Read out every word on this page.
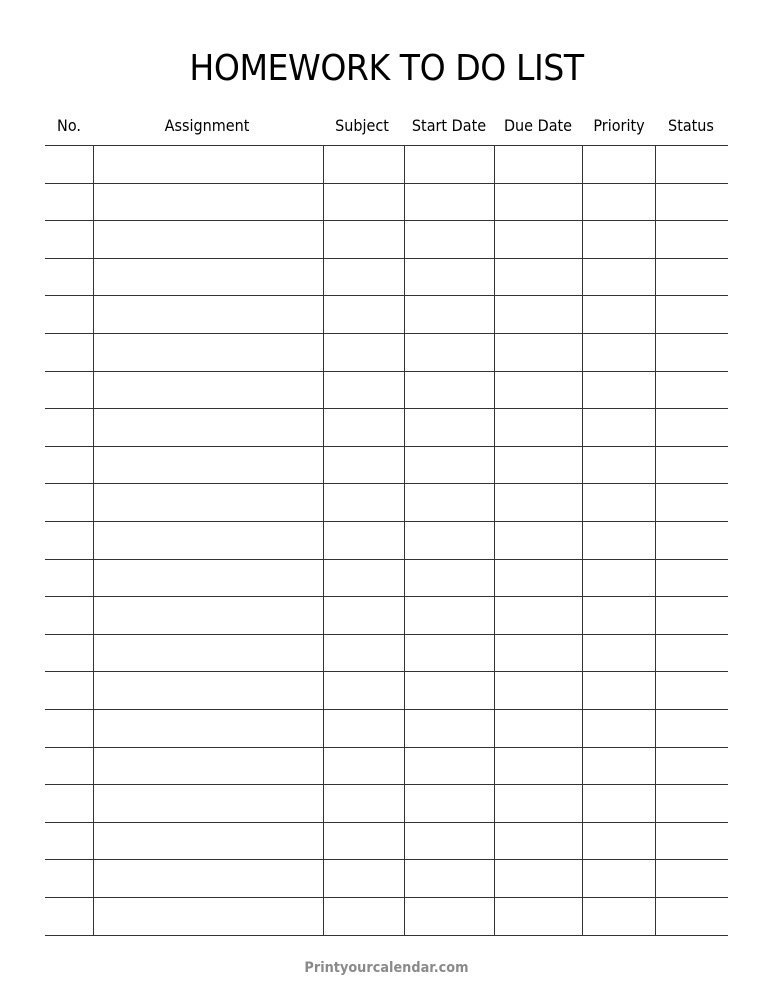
HOMEWORK TO DO LIST
No.	Assignment	Subject	Start Date	Due Date	Priority	Status
Printyourcalendar.com
